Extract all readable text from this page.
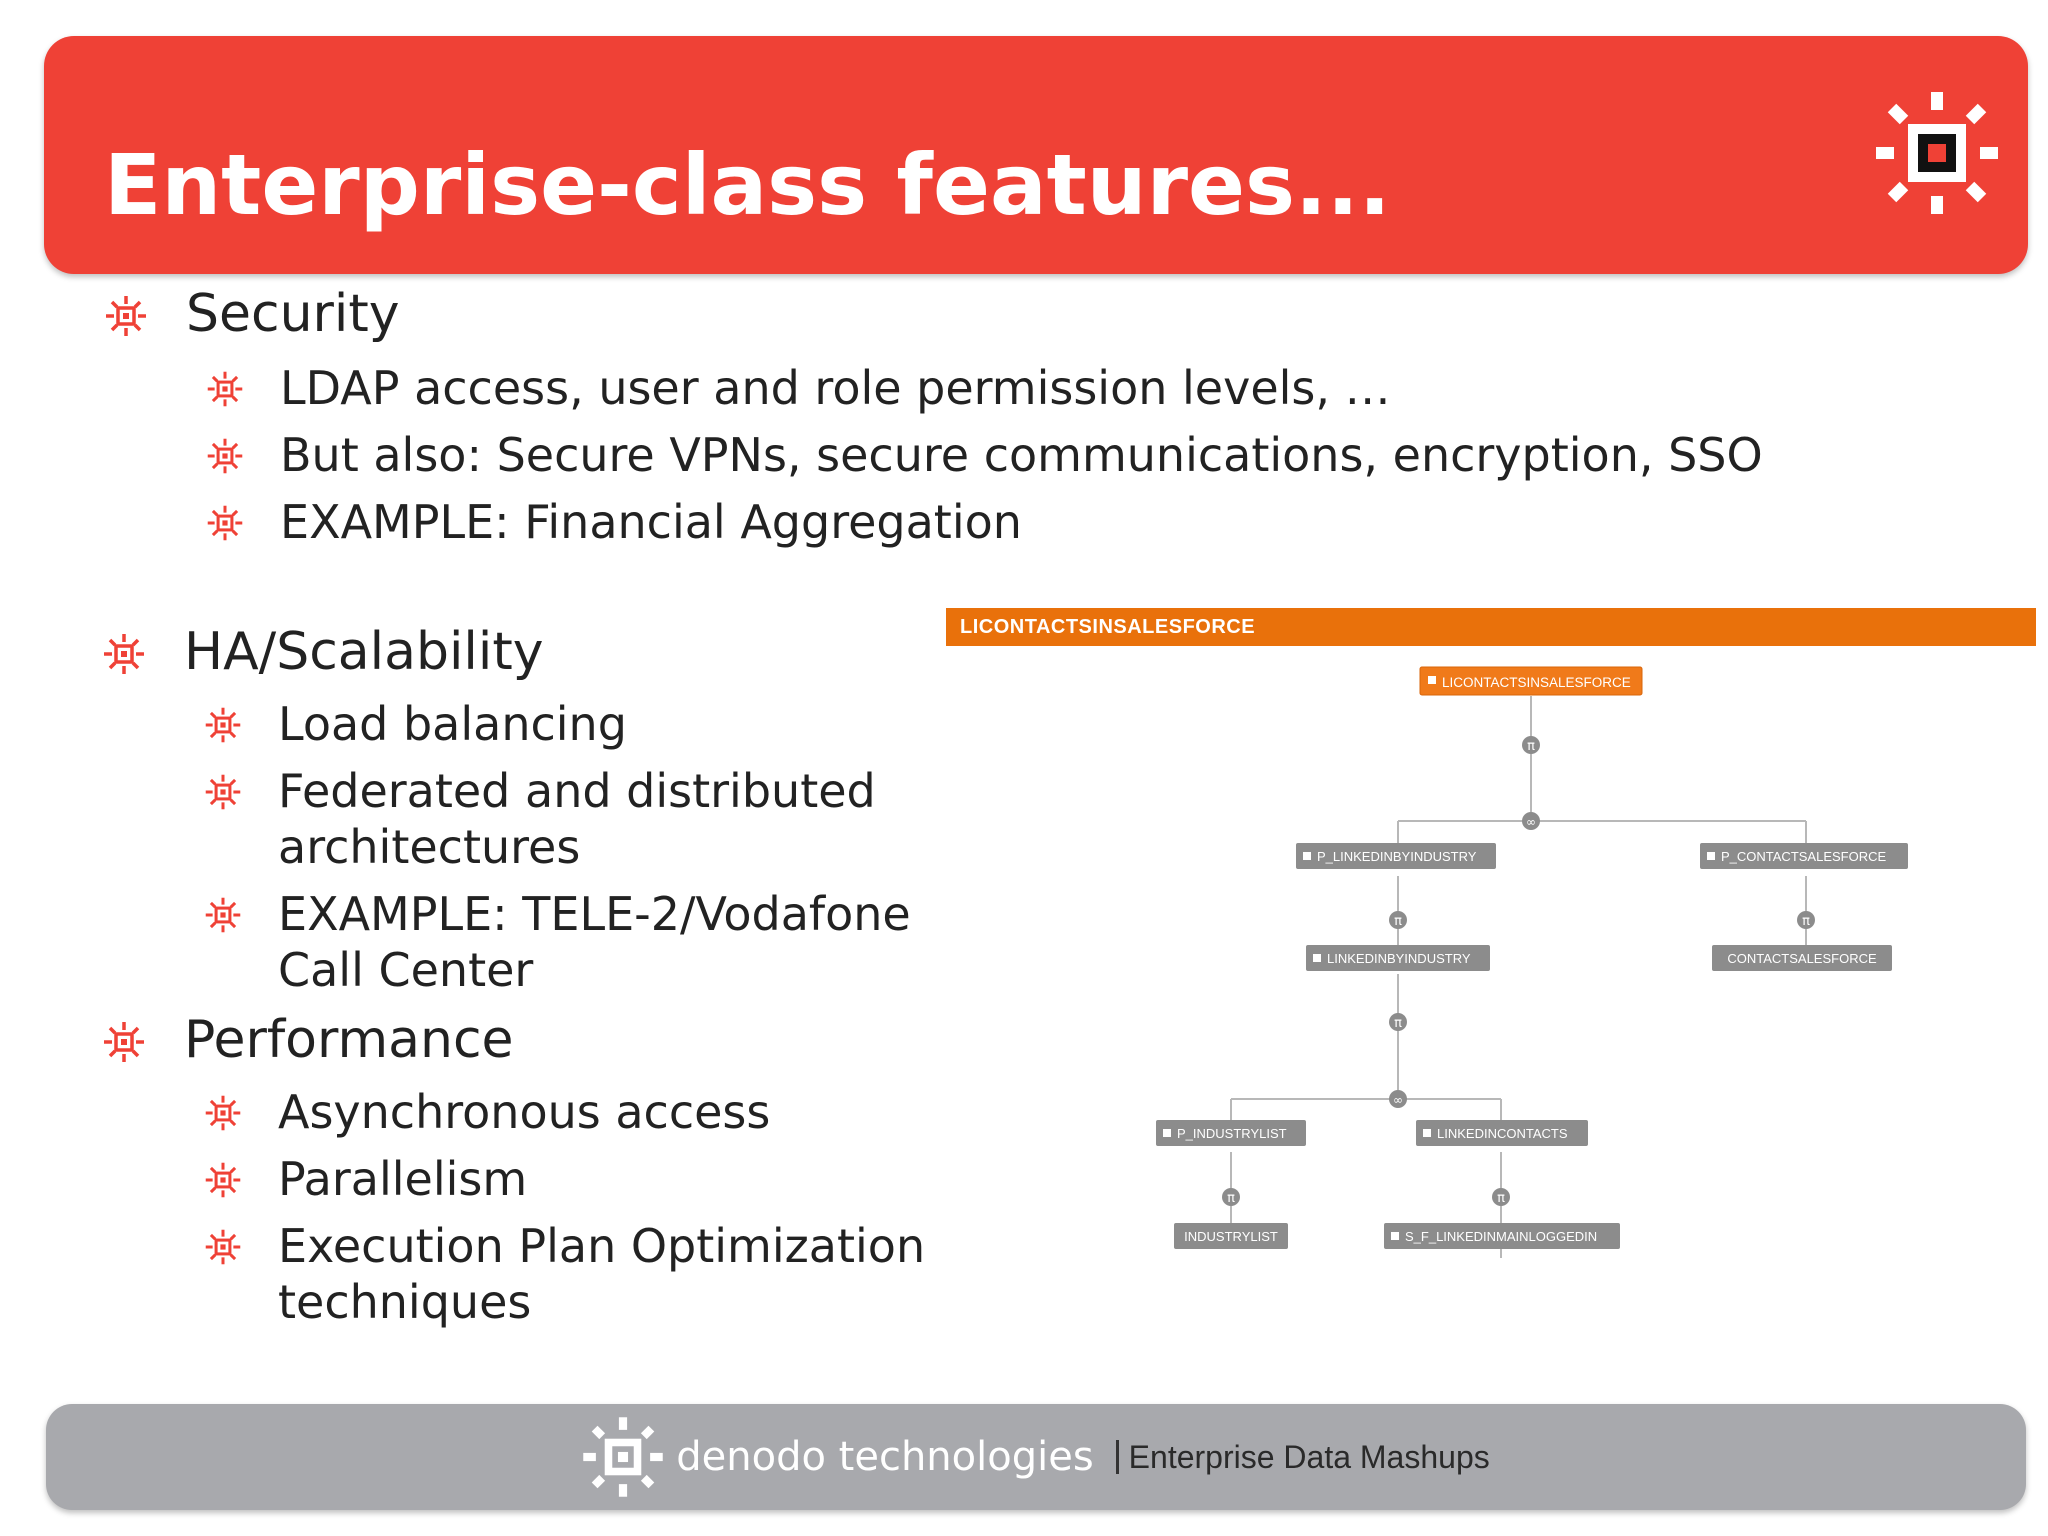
Enterprise-class features...
Security
LDAP access, user and role permission levels, …
But also: Secure VPNs, secure communications, encryption, SSO
EXAMPLE: Financial Aggregation
HA/Scalability
Load balancing
Federated and distributed
architectures
EXAMPLE: TELE-2/Vodafone
Call Center
Performance
Asynchronous access
Parallelism
Execution Plan Optimization
techniques
LICONTACTSINSALESFORCE
LICONTACTSINSALESFORCE
π
∞
P_LINKEDINBYINDUSTRY	P_CONTACTSALESFORCE
π	π
LINKEDINBYINDUSTRY	CONTACTSALESFORCE
π
∞
P_INDUSTRYLIST	LINKEDINCONTACTS
π	π
INDUSTRYLIST	S_F_LINKEDINMAINLOGGEDIN
denodo technologies Enterprise Data Mashups
